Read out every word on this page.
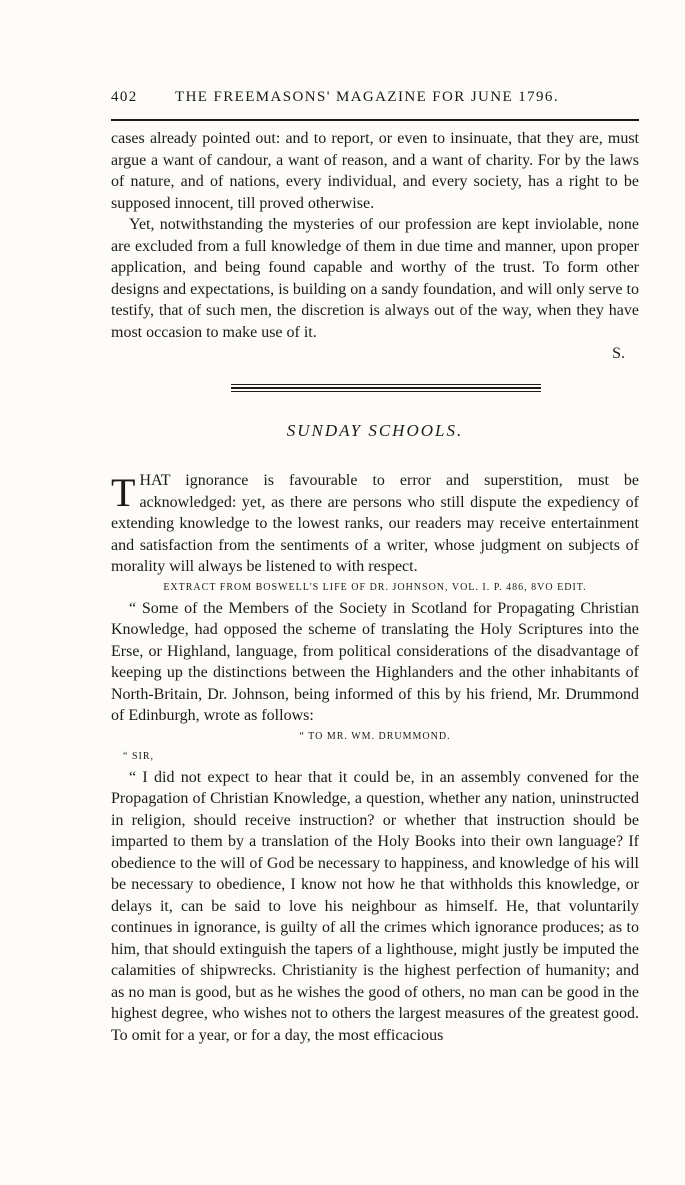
402 THE FREEMASONS' MAGAZINE FOR JUNE 1796.

cases already pointed out: and to report, or even to insinuate, that they are, must argue a want of candour, a want of reason, and a want of charity. For by the laws of nature, and of nations, every individual, and every society, has a right to be supposed innocent, till proved otherwise.

Yet, notwithstanding the mysteries of our profession are kept inviolable, none are excluded from a full knowledge of them in due time and manner, upon proper application, and being found capable and worthy of the trust. To form other designs and expectations, is building on a sandy foundation, and will only serve to testify, that of such men, the discretion is always out of the way, when they have most occasion to make use of it.

S.

SUNDAY SCHOOLS.

THAT ignorance is favourable to error and superstition, must be acknowledged: yet, as there are persons who still dispute the expediency of extending knowledge to the lowest ranks, our readers may receive entertainment and satisfaction from the sentiments of a writer, whose judgment on subjects of morality will always be listened to with respect.

EXTRACT FROM BOSWELL'S LIFE OF DR. JOHNSON, VOL. I. P. 486, 8VO EDIT.

“ Some of the Members of the Society in Scotland for Propagating Christian Knowledge, had opposed the scheme of translating the Holy Scriptures into the Erse, or Highland, language, from political considerations of the disadvantage of keeping up the distinctions between the Highlanders and the other inhabitants of North-Britain, Dr. Johnson, being informed of this by his friend, Mr. Drummond of Edinburgh, wrote as follows:

“ TO MR. WM. DRUMMOND.

“ SIR,

“ I did not expect to hear that it could be, in an assembly convened for the Propagation of Christian Knowledge, a question, whether any nation, uninstructed in religion, should receive instruction? or whether that instruction should be imparted to them by a translation of the Holy Books into their own language? If obedience to the will of God be necessary to happiness, and knowledge of his will be necessary to obedience, I know not how he that withholds this knowledge, or delays it, can be said to love his neighbour as himself. He, that voluntarily continues in ignorance, is guilty of all the crimes which ignorance produces; as to him, that should extinguish the tapers of a lighthouse, might justly be imputed the calamities of shipwrecks. Christianity is the highest perfection of humanity; and as no man is good, but as he wishes the good of others, no man can be good in the highest degree, who wishes not to others the largest measures of the greatest good. To omit for a year, or for a day, the most efficacious
